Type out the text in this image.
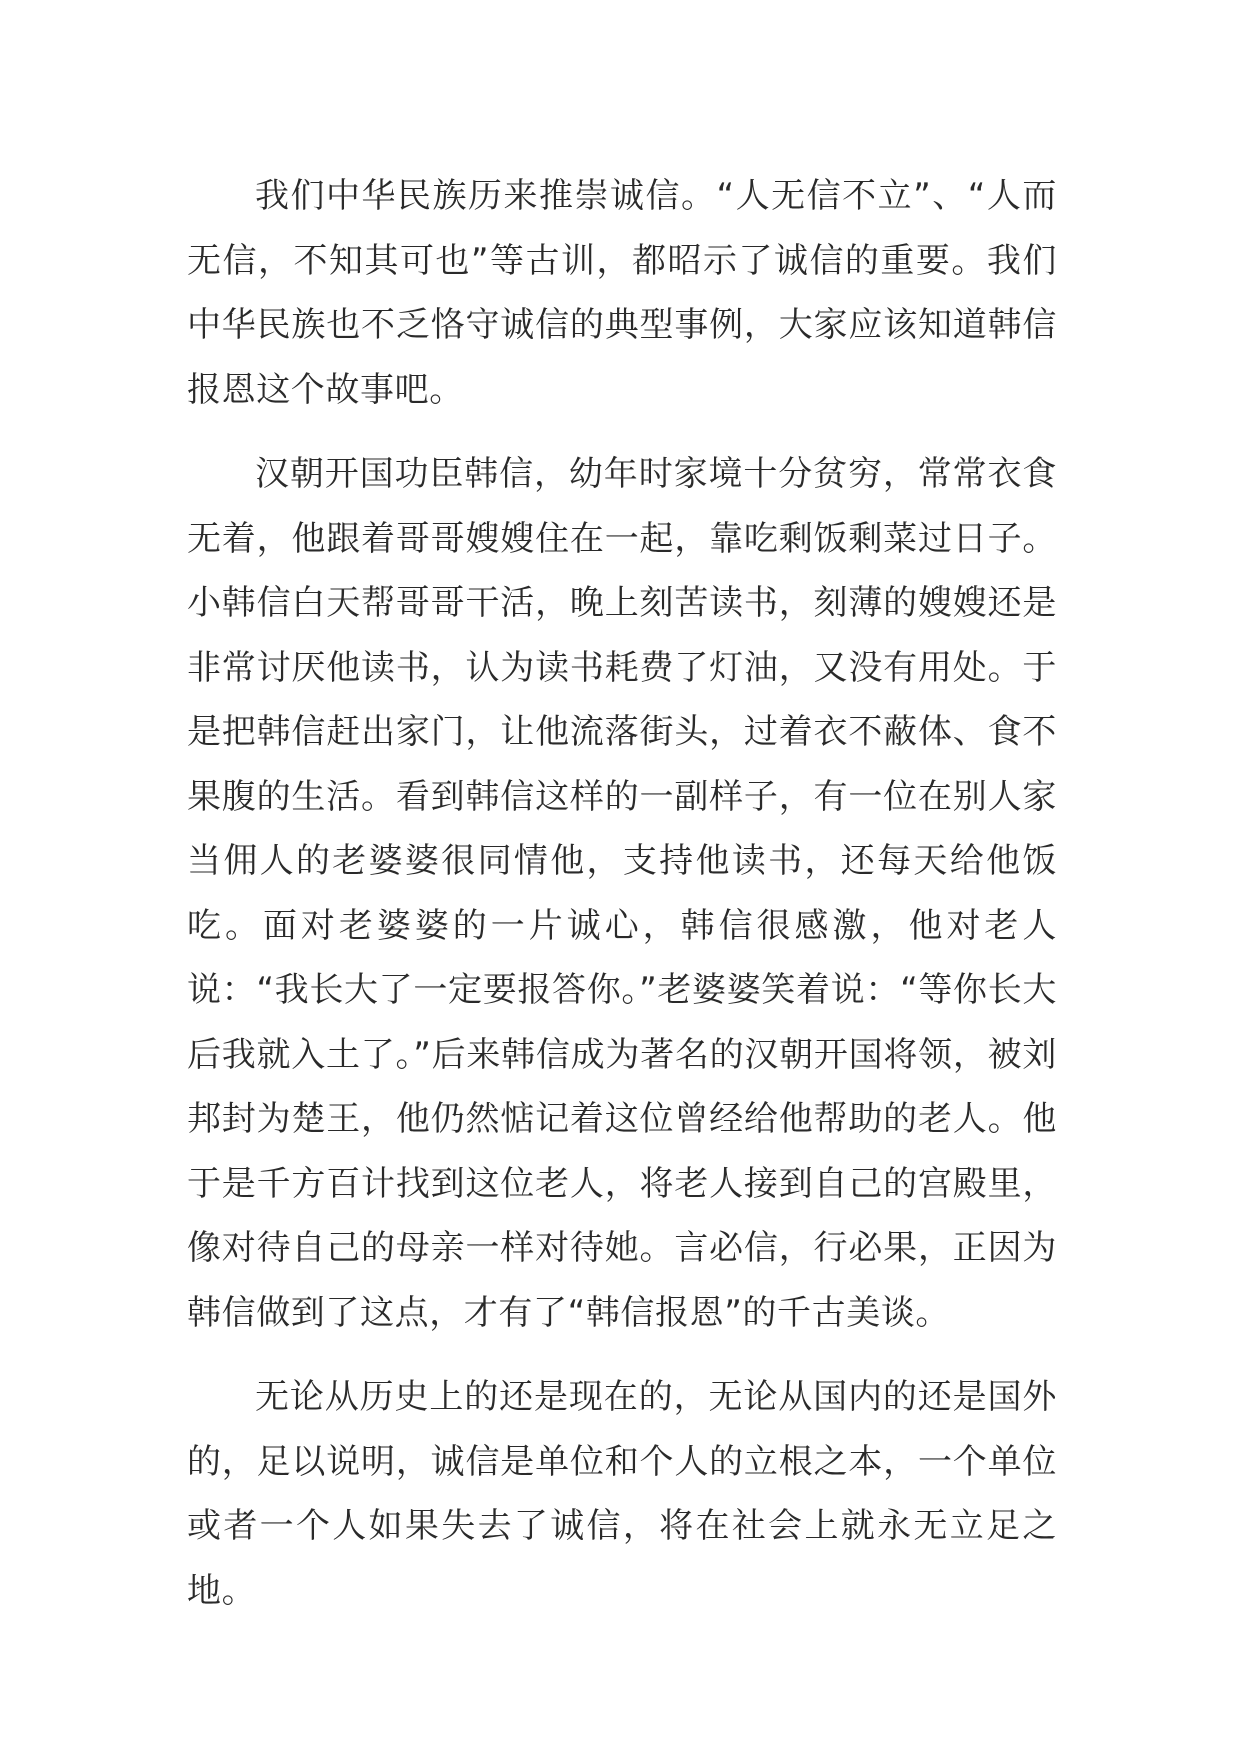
我们中华民族历来推崇诚信。“人无信不立”、“人而无信，不知其可也”等古训，都昭示了诚信的重要。我们中华民族也不乏恪守诚信的典型事例，大家应该知道韩信报恩这个故事吧。

汉朝开国功臣韩信，幼年时家境十分贫穷，常常衣食无着，他跟着哥哥嫂嫂住在一起，靠吃剩饭剩菜过日子。小韩信白天帮哥哥干活，晚上刻苦读书，刻薄的嫂嫂还是非常讨厌他读书，认为读书耗费了灯油，又没有用处。于是把韩信赶出家门，让他流落街头，过着衣不蔽体、食不果腹的生活。看到韩信这样的一副样子，有一位在别人家当佣人的老婆婆很同情他，支持他读书，还每天给他饭吃。面对老婆婆的一片诚心，韩信很感激，他对老人说：“我长大了一定要报答你。”老婆婆笑着说：“等你长大后我就入土了。”后来韩信成为著名的汉朝开国将领，被刘邦封为楚王，他仍然惦记着这位曾经给他帮助的老人。他于是千方百计找到这位老人，将老人接到自己的宫殿里，像对待自己的母亲一样对待她。言必信，行必果，正因为韩信做到了这点，才有了“韩信报恩”的千古美谈。

无论从历史上的还是现在的，无论从国内的还是国外的，足以说明，诚信是单位和个人的立根之本，一个单位或者一个人如果失去了诚信，将在社会上就永无立足之地。
